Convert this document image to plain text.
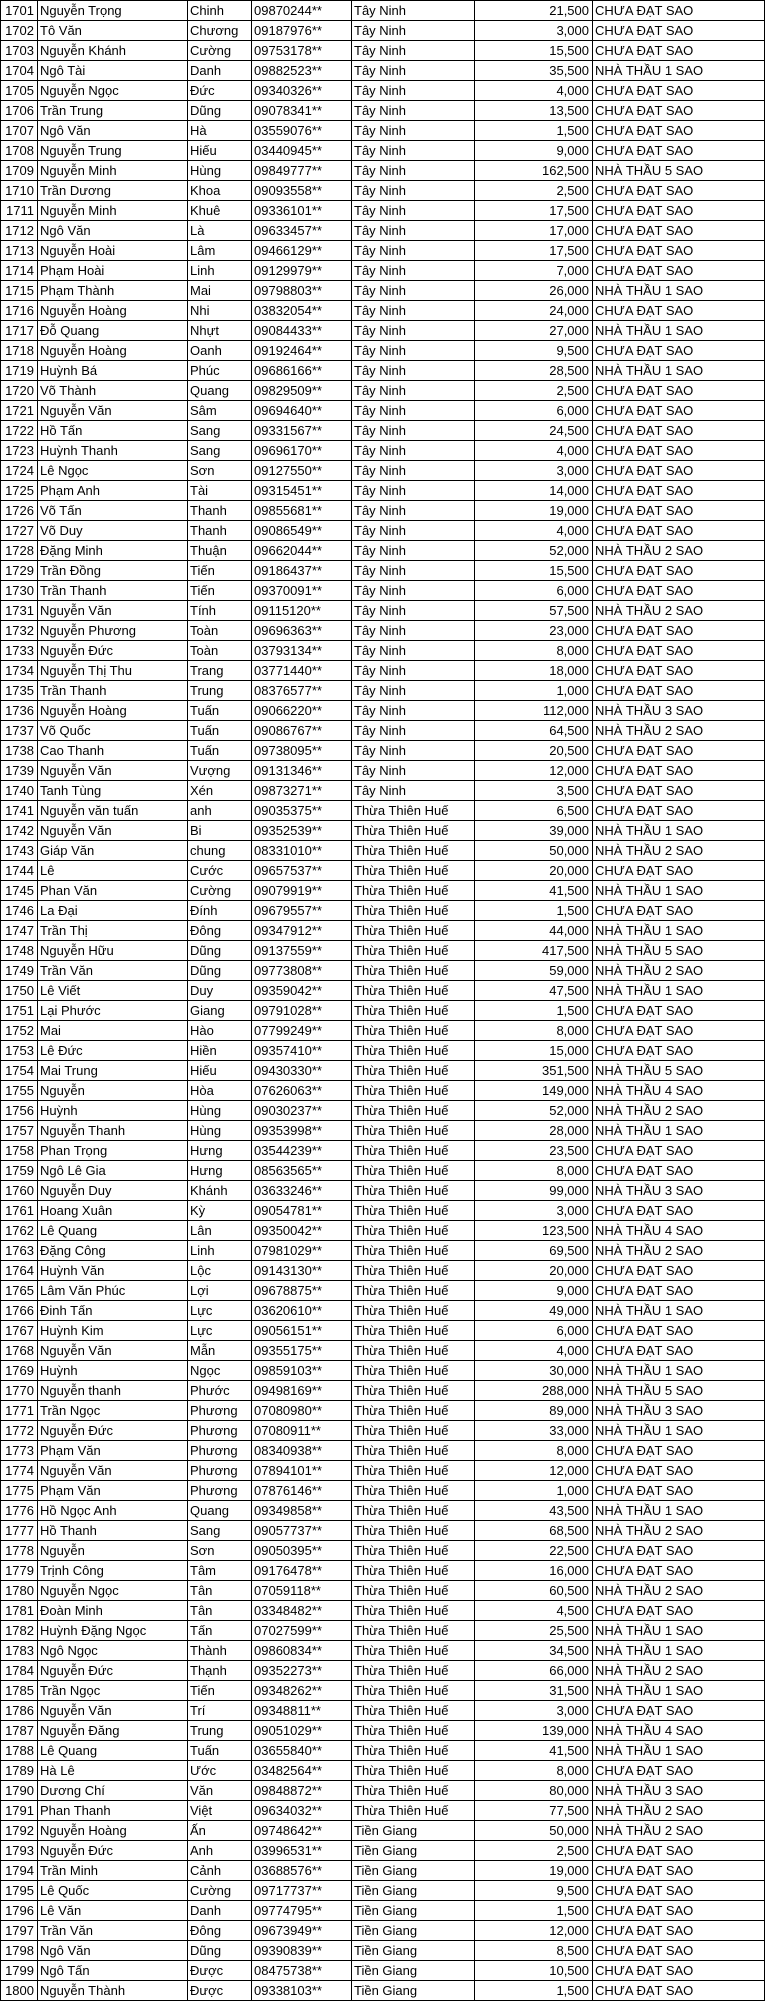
1701	Nguyễn Trọng	Chinh	09870244**	Tây Ninh	21,500	CHƯA ĐẠT SAO
1702	Tô Văn	Chương	09187976**	Tây Ninh	3,000	CHƯA ĐẠT SAO
1703	Nguyễn Khánh	Cường	09753178**	Tây Ninh	15,500	CHƯA ĐẠT SAO
1704	Ngô Tài	Danh	09882523**	Tây Ninh	35,500	NHÀ THẦU 1 SAO
1705	Nguyễn Ngọc	Đức	09340326**	Tây Ninh	4,000	CHƯA ĐẠT SAO
1706	Trần Trung	Dũng	09078341**	Tây Ninh	13,500	CHƯA ĐẠT SAO
1707	Ngô Văn	Hà	03559076**	Tây Ninh	1,500	CHƯA ĐẠT SAO
1708	Nguyễn Trung	Hiếu	03440945**	Tây Ninh	9,000	CHƯA ĐẠT SAO
1709	Nguyễn Minh	Hùng	09849777**	Tây Ninh	162,500	NHÀ THẦU 5 SAO
1710	Trần Dương	Khoa	09093558**	Tây Ninh	2,500	CHƯA ĐẠT SAO
1711	Nguyễn Minh	Khuê	09336101**	Tây Ninh	17,500	CHƯA ĐẠT SAO
1712	Ngô Văn	Là	09633457**	Tây Ninh	17,000	CHƯA ĐẠT SAO
1713	Nguyễn Hoài	Lâm	09466129**	Tây Ninh	17,500	CHƯA ĐẠT SAO
1714	Phạm Hoài	Linh	09129979**	Tây Ninh	7,000	CHƯA ĐẠT SAO
1715	Phạm Thành	Mai	09798803**	Tây Ninh	26,000	NHÀ THẦU 1 SAO
1716	Nguyễn Hoàng	Nhi	03832054**	Tây Ninh	24,000	CHƯA ĐẠT SAO
1717	Đỗ Quang	Nhựt	09084433**	Tây Ninh	27,000	NHÀ THẦU 1 SAO
1718	Nguyễn Hoàng	Oanh	09192464**	Tây Ninh	9,500	CHƯA ĐẠT SAO
1719	Huỳnh Bá	Phúc	09686166**	Tây Ninh	28,500	NHÀ THẦU 1 SAO
1720	Võ Thành	Quang	09829509**	Tây Ninh	2,500	CHƯA ĐẠT SAO
1721	Nguyễn Văn	Sâm	09694640**	Tây Ninh	6,000	CHƯA ĐẠT SAO
1722	Hồ Tấn	Sang	09331567**	Tây Ninh	24,500	CHƯA ĐẠT SAO
1723	Huỳnh Thanh	Sang	09696170**	Tây Ninh	4,000	CHƯA ĐẠT SAO
1724	Lê Ngọc	Sơn	09127550**	Tây Ninh	3,000	CHƯA ĐẠT SAO
1725	Phạm Anh	Tài	09315451**	Tây Ninh	14,000	CHƯA ĐẠT SAO
1726	Võ Tấn	Thanh	09855681**	Tây Ninh	19,000	CHƯA ĐẠT SAO
1727	Võ Duy	Thanh	09086549**	Tây Ninh	4,000	CHƯA ĐẠT SAO
1728	Đặng Minh	Thuận	09662044**	Tây Ninh	52,000	NHÀ THẦU 2 SAO
1729	Trần Đồng	Tiến	09186437**	Tây Ninh	15,500	CHƯA ĐẠT SAO
1730	Trần Thanh	Tiến	09370091**	Tây Ninh	6,000	CHƯA ĐẠT SAO
1731	Nguyễn Văn	Tính	09115120**	Tây Ninh	57,500	NHÀ THẦU 2 SAO
1732	Nguyễn Phương	Toàn	09696363**	Tây Ninh	23,000	CHƯA ĐẠT SAO
1733	Nguyễn Đức	Toàn	03793134**	Tây Ninh	8,000	CHƯA ĐẠT SAO
1734	Nguyễn Thị Thu	Trang	03771440**	Tây Ninh	18,000	CHƯA ĐẠT SAO
1735	Trần Thanh	Trung	08376577**	Tây Ninh	1,000	CHƯA ĐẠT SAO
1736	Nguyễn Hoàng	Tuấn	09066220**	Tây Ninh	112,000	NHÀ THẦU 3 SAO
1737	Võ Quốc	Tuấn	09086767**	Tây Ninh	64,500	NHÀ THẦU 2 SAO
1738	Cao Thanh	Tuấn	09738095**	Tây Ninh	20,500	CHƯA ĐẠT SAO
1739	Nguyễn Văn	Vượng	09131346**	Tây Ninh	12,000	CHƯA ĐẠT SAO
1740	Tanh Tùng	Xén	09873271**	Tây Ninh	3,500	CHƯA ĐẠT SAO
1741	Nguyễn văn tuấn	anh	09035375**	Thừa Thiên Huế	6,500	CHƯA ĐẠT SAO
1742	Nguyễn Văn	Bi	09352539**	Thừa Thiên Huế	39,000	NHÀ THẦU 1 SAO
1743	Giáp Văn	chung	08331010**	Thừa Thiên Huế	50,000	NHÀ THẦU 2 SAO
1744	Lê	Cước	09657537**	Thừa Thiên Huế	20,000	CHƯA ĐẠT SAO
1745	Phan Văn	Cường	09079919**	Thừa Thiên Huế	41,500	NHÀ THẦU 1 SAO
1746	La Đại	Đính	09679557**	Thừa Thiên Huế	1,500	CHƯA ĐẠT SAO
1747	Trần Thị	Đông	09347912**	Thừa Thiên Huế	44,000	NHÀ THẦU 1 SAO
1748	Nguyễn Hữu	Dũng	09137559**	Thừa Thiên Huế	417,500	NHÀ THẦU 5 SAO
1749	Trần Văn	Dũng	09773808**	Thừa Thiên Huế	59,000	NHÀ THẦU 2 SAO
1750	Lê Viết	Duy	09359042**	Thừa Thiên Huế	47,500	NHÀ THẦU 1 SAO
1751	Lại Phước	Giang	09791028**	Thừa Thiên Huế	1,500	CHƯA ĐẠT SAO
1752	Mai	Hào	07799249**	Thừa Thiên Huế	8,000	CHƯA ĐẠT SAO
1753	Lê Đức	Hiền	09357410**	Thừa Thiên Huế	15,000	CHƯA ĐẠT SAO
1754	Mai Trung	Hiếu	09430330**	Thừa Thiên Huế	351,500	NHÀ THẦU 5 SAO
1755	Nguyễn	Hòa	07626063**	Thừa Thiên Huế	149,000	NHÀ THẦU 4 SAO
1756	Huỳnh	Hùng	09030237**	Thừa Thiên Huế	52,000	NHÀ THẦU 2 SAO
1757	Nguyễn Thanh	Hùng	09353998**	Thừa Thiên Huế	28,000	NHÀ THẦU 1 SAO
1758	Phan Trọng	Hưng	03544239**	Thừa Thiên Huế	23,500	CHƯA ĐẠT SAO
1759	Ngô Lê Gia	Hưng	08563565**	Thừa Thiên Huế	8,000	CHƯA ĐẠT SAO
1760	Nguyễn Duy	Khánh	03633246**	Thừa Thiên Huế	99,000	NHÀ THẦU 3 SAO
1761	Hoang Xuân	Kỳ	09054781**	Thừa Thiên Huế	3,000	CHƯA ĐẠT SAO
1762	Lê Quang	Lân	09350042**	Thừa Thiên Huế	123,500	NHÀ THẦU 4 SAO
1763	Đặng Công	Linh	07981029**	Thừa Thiên Huế	69,500	NHÀ THẦU 2 SAO
1764	Huỳnh Văn	Lộc	09143130**	Thừa Thiên Huế	20,000	CHƯA ĐẠT SAO
1765	Lâm Văn Phúc	Lợi	09678875**	Thừa Thiên Huế	9,000	CHƯA ĐẠT SAO
1766	Đinh Tấn	Lực	03620610**	Thừa Thiên Huế	49,000	NHÀ THẦU 1 SAO
1767	Huỳnh Kim	Lực	09056151**	Thừa Thiên Huế	6,000	CHƯA ĐẠT SAO
1768	Nguyễn Văn	Mẫn	09355175**	Thừa Thiên Huế	4,000	CHƯA ĐẠT SAO
1769	Huỳnh	Ngọc	09859103**	Thừa Thiên Huế	30,000	NHÀ THẦU 1 SAO
1770	Nguyễn thanh	Phước	09498169**	Thừa Thiên Huế	288,000	NHÀ THẦU 5 SAO
1771	Trần Ngọc	Phương	07080980**	Thừa Thiên Huế	89,000	NHÀ THẦU 3 SAO
1772	Nguyễn Đức	Phương	07080911**	Thừa Thiên Huế	33,000	NHÀ THẦU 1 SAO
1773	Phạm Văn	Phương	08340938**	Thừa Thiên Huế	8,000	CHƯA ĐẠT SAO
1774	Nguyễn Văn	Phương	07894101**	Thừa Thiên Huế	12,000	CHƯA ĐẠT SAO
1775	Phạm Văn	Phương	07876146**	Thừa Thiên Huế	1,000	CHƯA ĐẠT SAO
1776	Hồ Ngọc Anh	Quang	09349858**	Thừa Thiên Huế	43,500	NHÀ THẦU 1 SAO
1777	Hồ Thanh	Sang	09057737**	Thừa Thiên Huế	68,500	NHÀ THẦU 2 SAO
1778	Nguyễn	Sơn	09050395**	Thừa Thiên Huế	22,500	CHƯA ĐẠT SAO
1779	Trịnh Công	Tâm	09176478**	Thừa Thiên Huế	16,000	CHƯA ĐẠT SAO
1780	Nguyễn Ngọc	Tân	07059118**	Thừa Thiên Huế	60,500	NHÀ THẦU 2 SAO
1781	Đoàn Minh	Tân	03348482**	Thừa Thiên Huế	4,500	CHƯA ĐẠT SAO
1782	Huỳnh Đặng Ngọc	Tấn	07027599**	Thừa Thiên Huế	25,500	NHÀ THẦU 1 SAO
1783	Ngô Ngọc	Thành	09860834**	Thừa Thiên Huế	34,500	NHÀ THẦU 1 SAO
1784	Nguyễn Đức	Thạnh	09352273**	Thừa Thiên Huế	66,000	NHÀ THẦU 2 SAO
1785	Trần Ngọc	Tiến	09348262**	Thừa Thiên Huế	31,500	NHÀ THẦU 1 SAO
1786	Nguyễn Văn	Trí	09348811**	Thừa Thiên Huế	3,000	CHƯA ĐẠT SAO
1787	Nguyễn Đăng	Trung	09051029**	Thừa Thiên Huế	139,000	NHÀ THẦU 4 SAO
1788	Lê Quang	Tuấn	03655840**	Thừa Thiên Huế	41,500	NHÀ THẦU 1 SAO
1789	Hà Lê	Ước	03482564**	Thừa Thiên Huế	8,000	CHƯA ĐẠT SAO
1790	Dương Chí	Văn	09848872**	Thừa Thiên Huế	80,000	NHÀ THẦU 3 SAO
1791	Phan Thanh	Việt	09634032**	Thừa Thiên Huế	77,500	NHÀ THẦU 2 SAO
1792	Nguyễn Hoàng	Ấn	09748642**	Tiền Giang	50,000	NHÀ THẦU 2 SAO
1793	Nguyễn Đức	Anh	03996531**	Tiền Giang	2,500	CHƯA ĐẠT SAO
1794	Trần Minh	Cảnh	03688576**	Tiền Giang	19,000	CHƯA ĐẠT SAO
1795	Lê Quốc	Cường	09717737**	Tiền Giang	9,500	CHƯA ĐẠT SAO
1796	Lê Văn	Danh	09774795**	Tiền Giang	1,500	CHƯA ĐẠT SAO
1797	Trần Văn	Đông	09673949**	Tiền Giang	12,000	CHƯA ĐẠT SAO
1798	Ngô Văn	Dũng	09390839**	Tiền Giang	8,500	CHƯA ĐẠT SAO
1799	Ngô Tấn	Được	08475738**	Tiền Giang	10,500	CHƯA ĐẠT SAO
1800	Nguyễn Thành	Được	09338103**	Tiền Giang	1,500	CHƯA ĐẠT SAO
